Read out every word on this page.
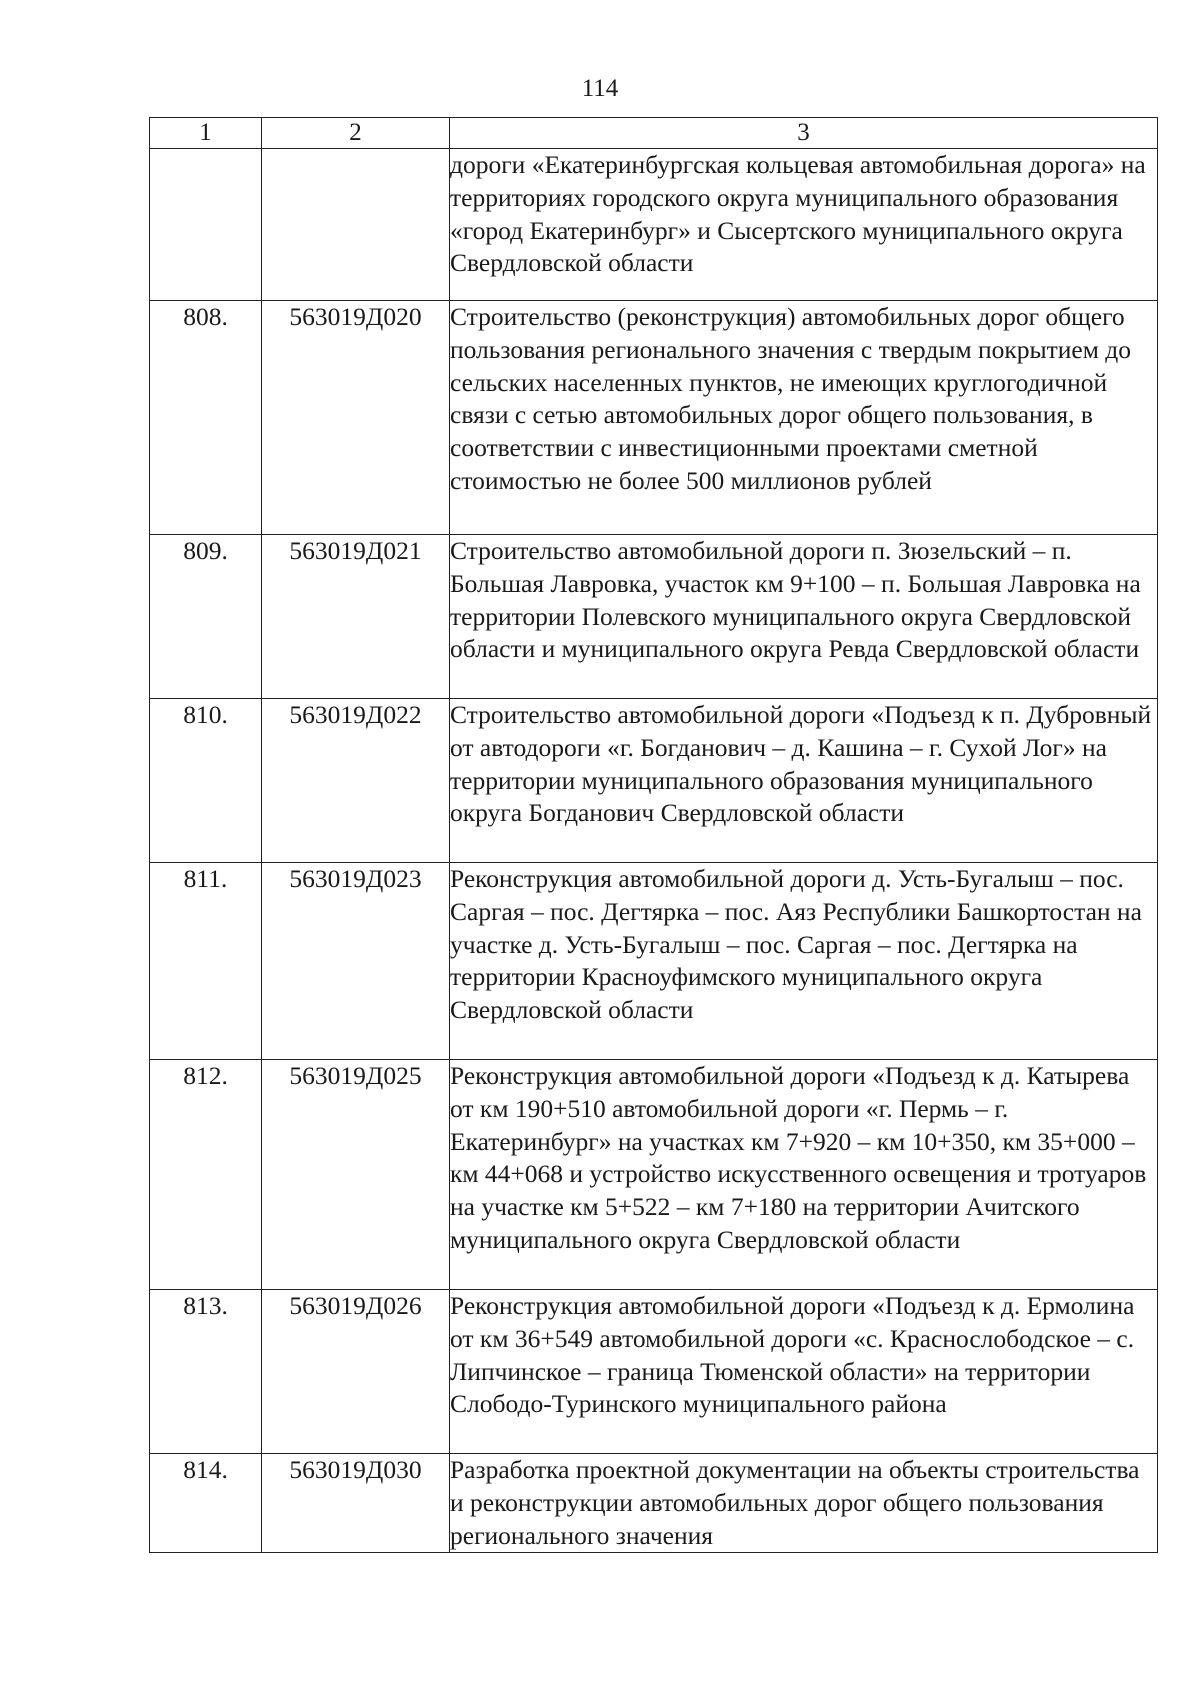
114
1	2	3

		дороги «Екатеринбургская кольцевая автомобильная дорога» на территориях городского округа муниципального образования «город Екатеринбург» и Сысертского муниципального округа Свердловской области

808.	563019Д020	Строительство (реконструкция) автомобильных дорог общего пользования регионального значения с твердым покрытием до сельских населенных пунктов, не имеющих круглогодичной связи с сетью автомобильных дорог общего пользования, в соответствии с инвестиционными проектами сметной стоимостью не более 500 миллионов рублей

809.	563019Д021	Строительство автомобильной дороги п. Зюзельский – п. Большая Лавровка, участок км 9+100 – п. Большая Лавровка на территории Полевского муниципального округа Свердловской области и муниципального округа Ревда Свердловской области

810.	563019Д022	Строительство автомобильной дороги «Подъезд к п. Дубровный от автодороги «г. Богданович – д. Кашина – г. Сухой Лог» на территории муниципального образования муниципального округа Богданович Свердловской области

811.	563019Д023	Реконструкция автомобильной дороги д. Усть-Бугалыш – пос. Саргая – пос. Дегтярка – пос. Аяз Республики Башкортостан на участке д. Усть-Бугалыш – пос. Саргая – пос. Дегтярка на территории Красноуфимского муниципального округа Свердловской области

812.	563019Д025	Реконструкция автомобильной дороги «Подъезд к д. Катырева от км 190+510 автомобильной дороги «г. Пермь – г. Екатеринбург» на участках км 7+920 – км 10+350, км 35+000 – км 44+068 и устройство искусственного освещения и тротуаров на участке км 5+522 – км 7+180 на территории Ачитского муниципального округа Свердловской области

813.	563019Д026	Реконструкция автомобильной дороги «Подъезд к д. Ермолина от км 36+549 автомобильной дороги «с. Краснослободское – с. Липчинское – граница Тюменской области» на территории Слободо-Туринского муниципального района

814.	563019Д030	Разработка проектной документации на объекты строительства и реконструкции автомобильных дорог общего пользования регионального значения
